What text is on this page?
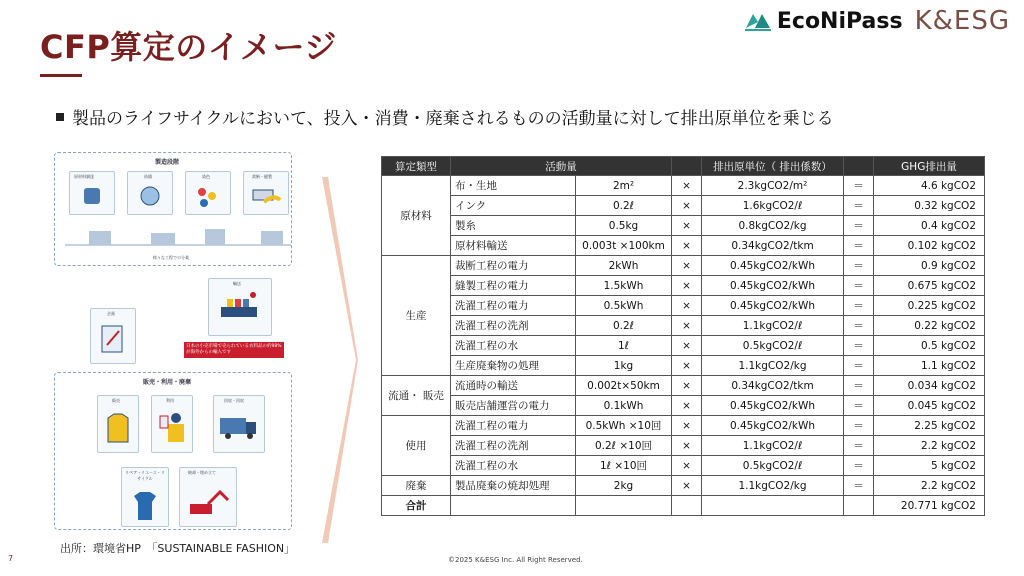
CFP算定のイメージ
EcoNiPass K&ESG
製品のライフサイクルにおいて、投入・消費・廃棄されるものの活動量に対して排出原単位を乗じる
製造段階
原材料調達	紡績	染色	裁断・縫製
様々な工程での分業
企画
輸送
日本の小売市場で売られている衣料品の約98%が海外からの輸入です
販売・利用・廃棄
販売	利用	回収・回収
リペア・リユース・リサイクル
焼却・埋め立て
出所：環境省HP　「SUSTAINABLE FASHION」
算定類型	活動量			排出原単位（ 排出係数）		GHG排出量
原材料	布・生地	2m²	×	2.3kgCO2/m²	＝	4.6 kgCO2
	インク	0.2ℓ	×	1.6kgCO2/ℓ	＝	0.32 kgCO2
	製糸	0.5kg	×	0.8kgCO2/kg	＝	0.4 kgCO2
	原材料輸送	0.003t ×100km	×	0.34kgCO2/tkm	＝	0.102 kgCO2
生産	裁断工程の電力	2kWh	×	0.45kgCO2/kWh	＝	0.9 kgCO2
	縫製工程の電力	1.5kWh	×	0.45kgCO2/kWh	＝	0.675 kgCO2
	洗濯工程の電力	0.5kWh	×	0.45kgCO2/kWh	＝	0.225 kgCO2
	洗濯工程の洗剤	0.2ℓ	×	1.1kgCO2/ℓ	＝	0.22 kgCO2
	洗濯工程の水	1ℓ	×	0.5kgCO2/ℓ	＝	0.5 kgCO2
	生産廃棄物の処理	1kg	×	1.1kgCO2/kg	＝	1.1 kgCO2
流通・ 販売	流通時の輸送	0.002t×50km	×	0.34kgCO2/tkm	＝	0.034 kgCO2
	販売店舗運営の電力	0.1kWh	×	0.45kgCO2/kWh	＝	0.045 kgCO2
使用	洗濯工程の電力	0.5kWh ×10回	×	0.45kgCO2/kWh	＝	2.25 kgCO2
	洗濯工程の洗剤	0.2ℓ ×10回	×	1.1kgCO2/ℓ	＝	2.2 kgCO2
	洗濯工程の水	1ℓ ×10回	×	0.5kgCO2/ℓ	＝	5 kgCO2
廃棄	製品廃棄の焼却処理	2kg	×	1.1kgCO2/kg	＝	2.2 kgCO2
合計						20.771 kgCO2
7	©2025 K&ESG Inc. All Right Reserved.
